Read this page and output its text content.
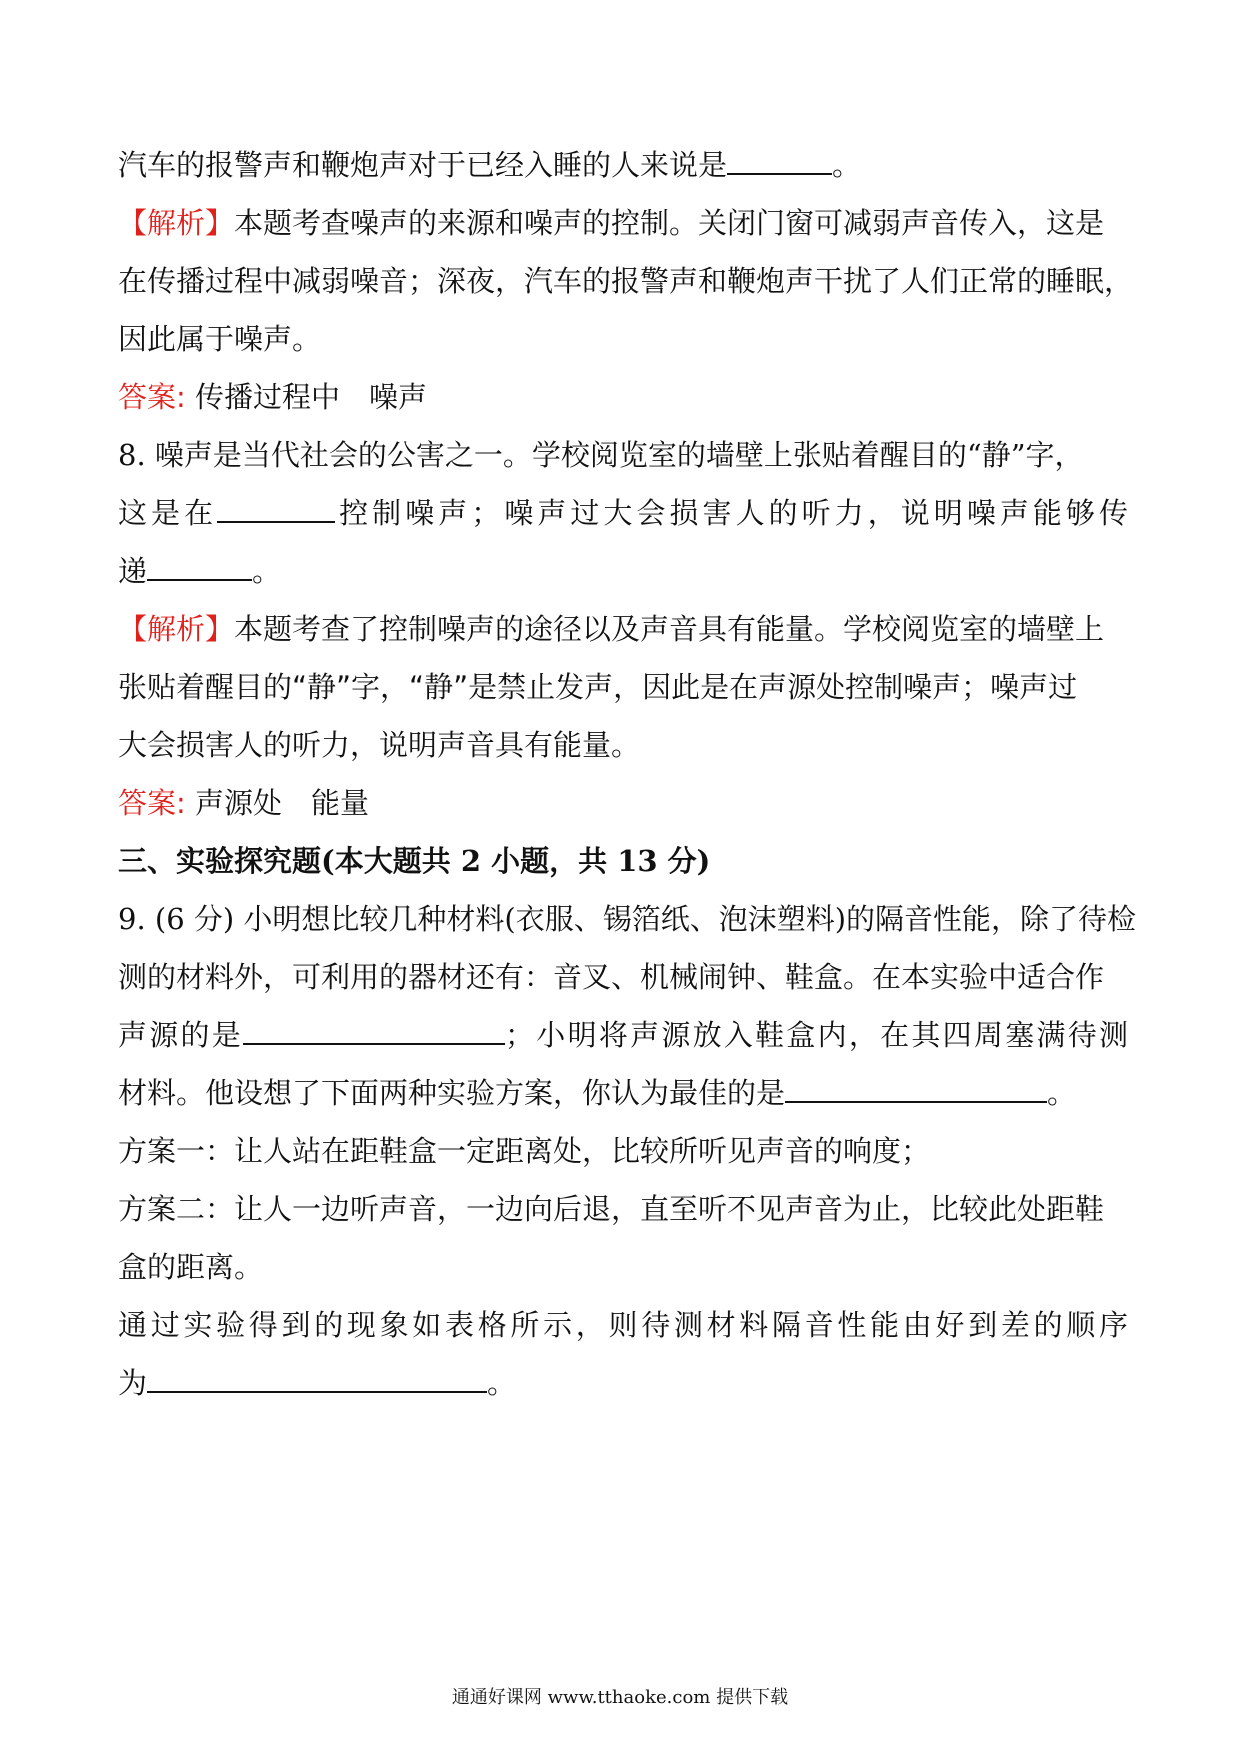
汽车的报警声和鞭炮声对于已经入睡的人来说是	。
【解析】本题考查噪声的来源和噪声的控制。关闭门窗可减弱声音传入，这是
在传播过程中减弱噪音；深夜，汽车的报警声和鞭炮声干扰了人们正常的睡眠，
因此属于噪声。
答案: 传播过程中　噪声
8. 噪声是当代社会的公害之一。学校阅览室的墙壁上张贴着醒目的“静”字，
这是在	控制噪声；噪声过大会损害人的听力，说明噪声能够传
递	。
【解析】本题考查了控制噪声的途径以及声音具有能量。学校阅览室的墙壁上
张贴着醒目的“静”字，“静”是禁止发声，因此是在声源处控制噪声；噪声过
大会损害人的听力，说明声音具有能量。
答案: 声源处　能量
三、实验探究题(本大题共 2 小题，共 13 分)
9. (6 分) 小明想比较几种材料(衣服、锡箔纸、泡沫塑料)的隔音性能，除了待检
测的材料外，可利用的器材还有：音叉、机械闹钟、鞋盒。在本实验中适合作
声源的是	；小明将声源放入鞋盒内，在其四周塞满待测
材料。他设想了下面两种实验方案，你认为最佳的是	。
方案一：让人站在距鞋盒一定距离处，比较所听见声音的响度；
方案二：让人一边听声音，一边向后退，直至听不见声音为止，比较此处距鞋
盒的距离。
通过实验得到的现象如表格所示，则待测材料隔音性能由好到差的顺序
为	。
通通好课网 www.tthaoke.com 提供下载
